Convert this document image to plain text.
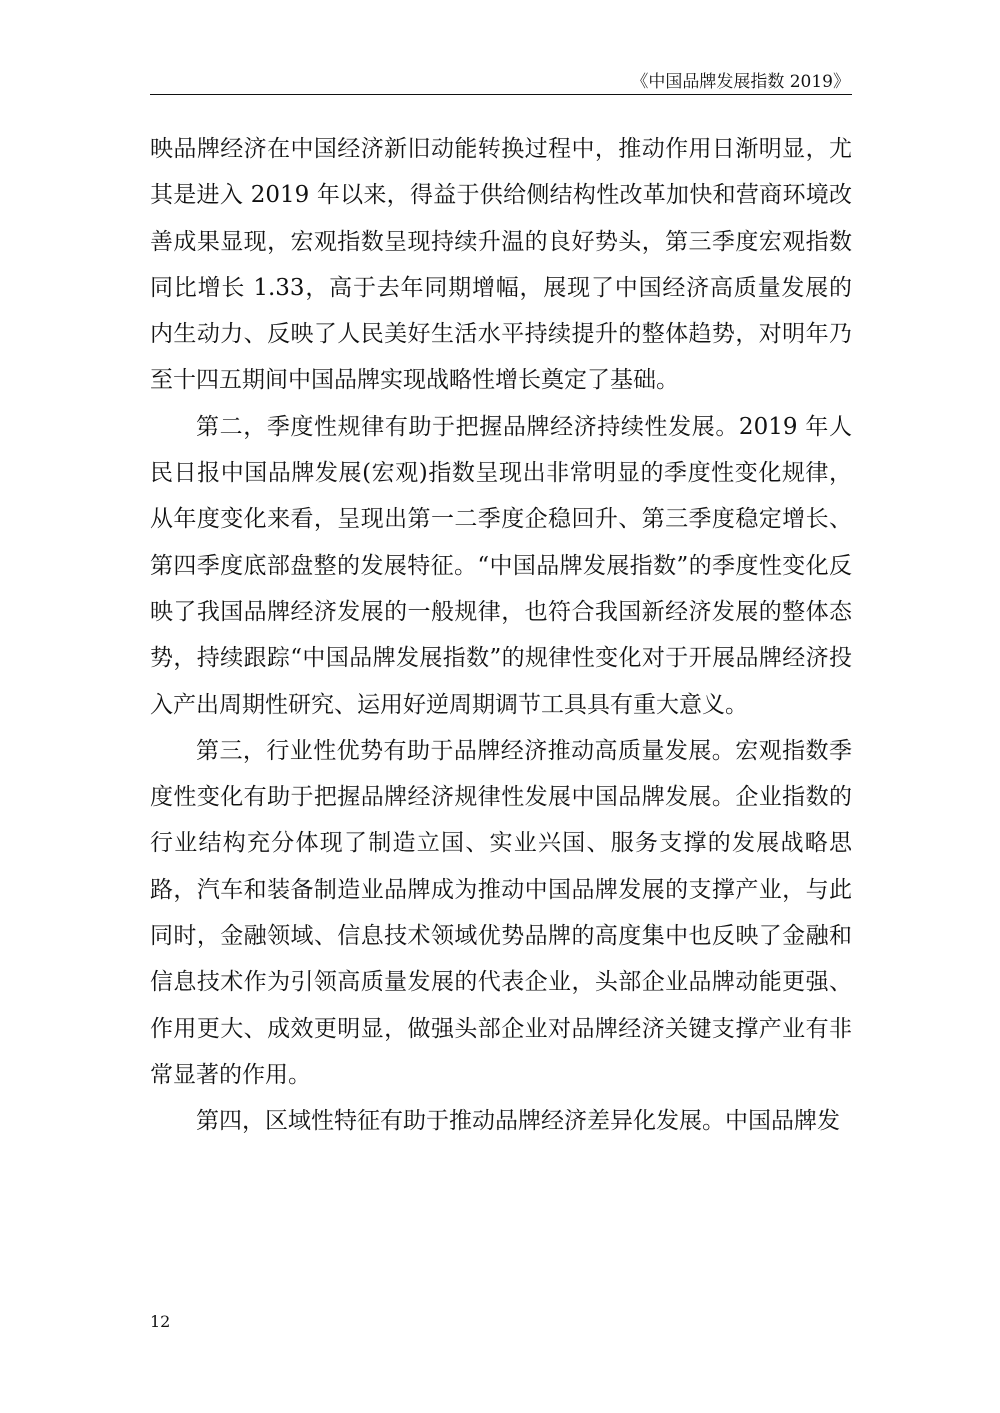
《中国品牌发展指数 2019》

映品牌经济在中国经济新旧动能转换过程中，推动作用日渐明显，尤其是进入 2019 年以来，得益于供给侧结构性改革加快和营商环境改善成果显现，宏观指数呈现持续升温的良好势头，第三季度宏观指数同比增长 1.33，高于去年同期增幅，展现了中国经济高质量发展的内生动力、反映了人民美好生活水平持续提升的整体趋势，对明年乃至十四五期间中国品牌实现战略性增长奠定了基础。

第二，季度性规律有助于把握品牌经济持续性发展。2019 年人民日报中国品牌发展(宏观)指数呈现出非常明显的季度性变化规律，从年度变化来看，呈现出第一二季度企稳回升、第三季度稳定增长、第四季度底部盘整的发展特征。“中国品牌发展指数”的季度性变化反映了我国品牌经济发展的一般规律，也符合我国新经济发展的整体态势，持续跟踪“中国品牌发展指数”的规律性变化对于开展品牌经济投入产出周期性研究、运用好逆周期调节工具具有重大意义。

第三，行业性优势有助于品牌经济推动高质量发展。宏观指数季度性变化有助于把握品牌经济规律性发展中国品牌发展。企业指数的行业结构充分体现了制造立国、实业兴国、服务支撑的发展战略思路，汽车和装备制造业品牌成为推动中国品牌发展的支撑产业，与此同时，金融领域、信息技术领域优势品牌的高度集中也反映了金融和信息技术作为引领高质量发展的代表企业，头部企业品牌动能更强、作用更大、成效更明显，做强头部企业对品牌经济关键支撑产业有非常显著的作用。

第四，区域性特征有助于推动品牌经济差异化发展。中国品牌发

12
